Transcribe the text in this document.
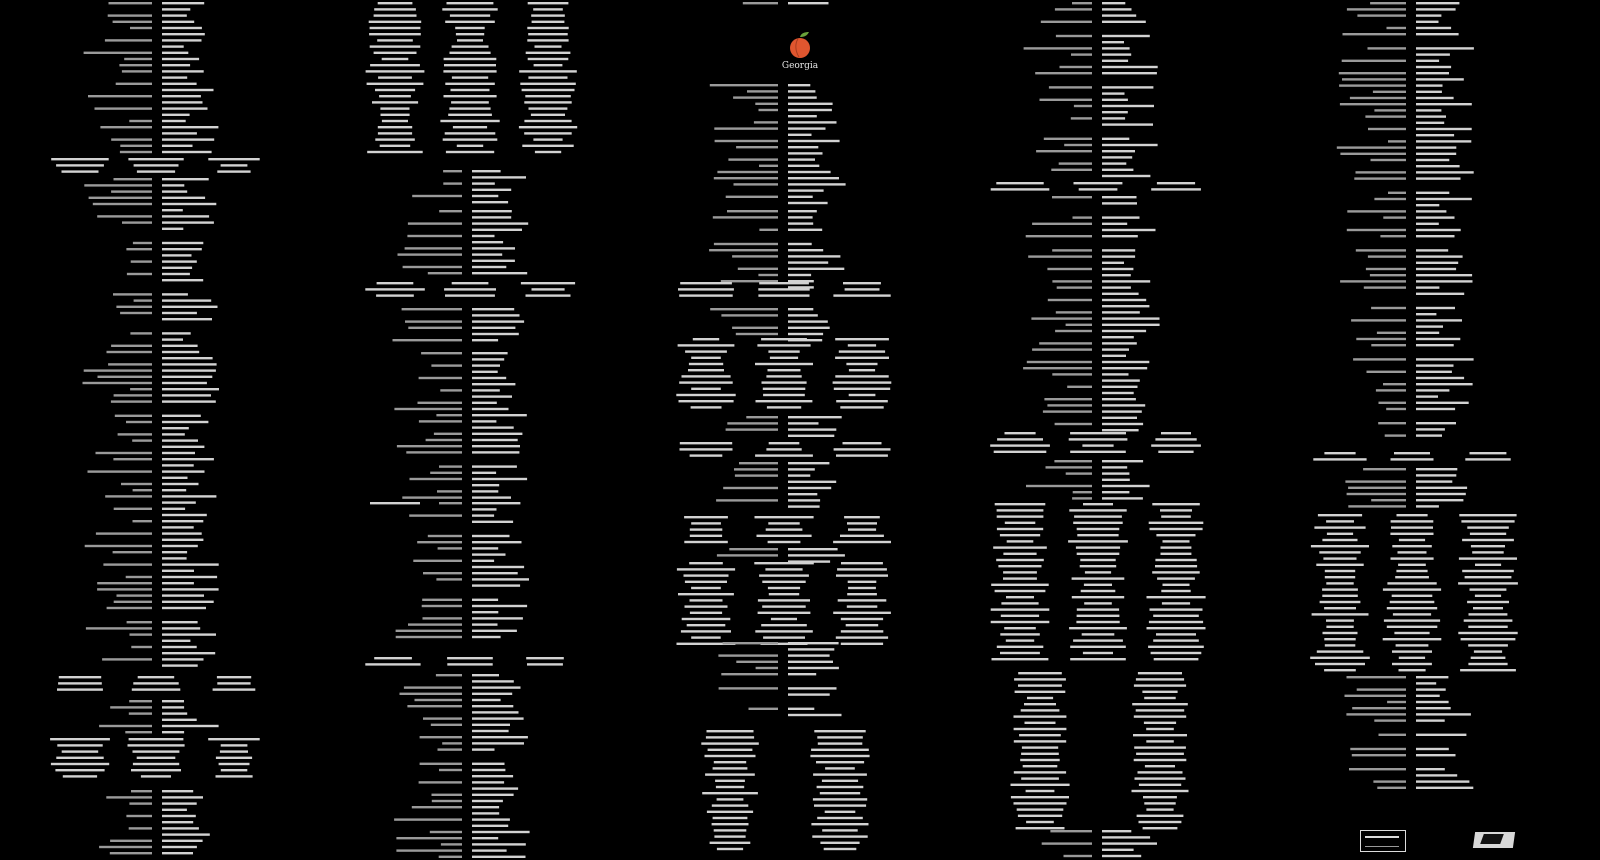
Georgia
